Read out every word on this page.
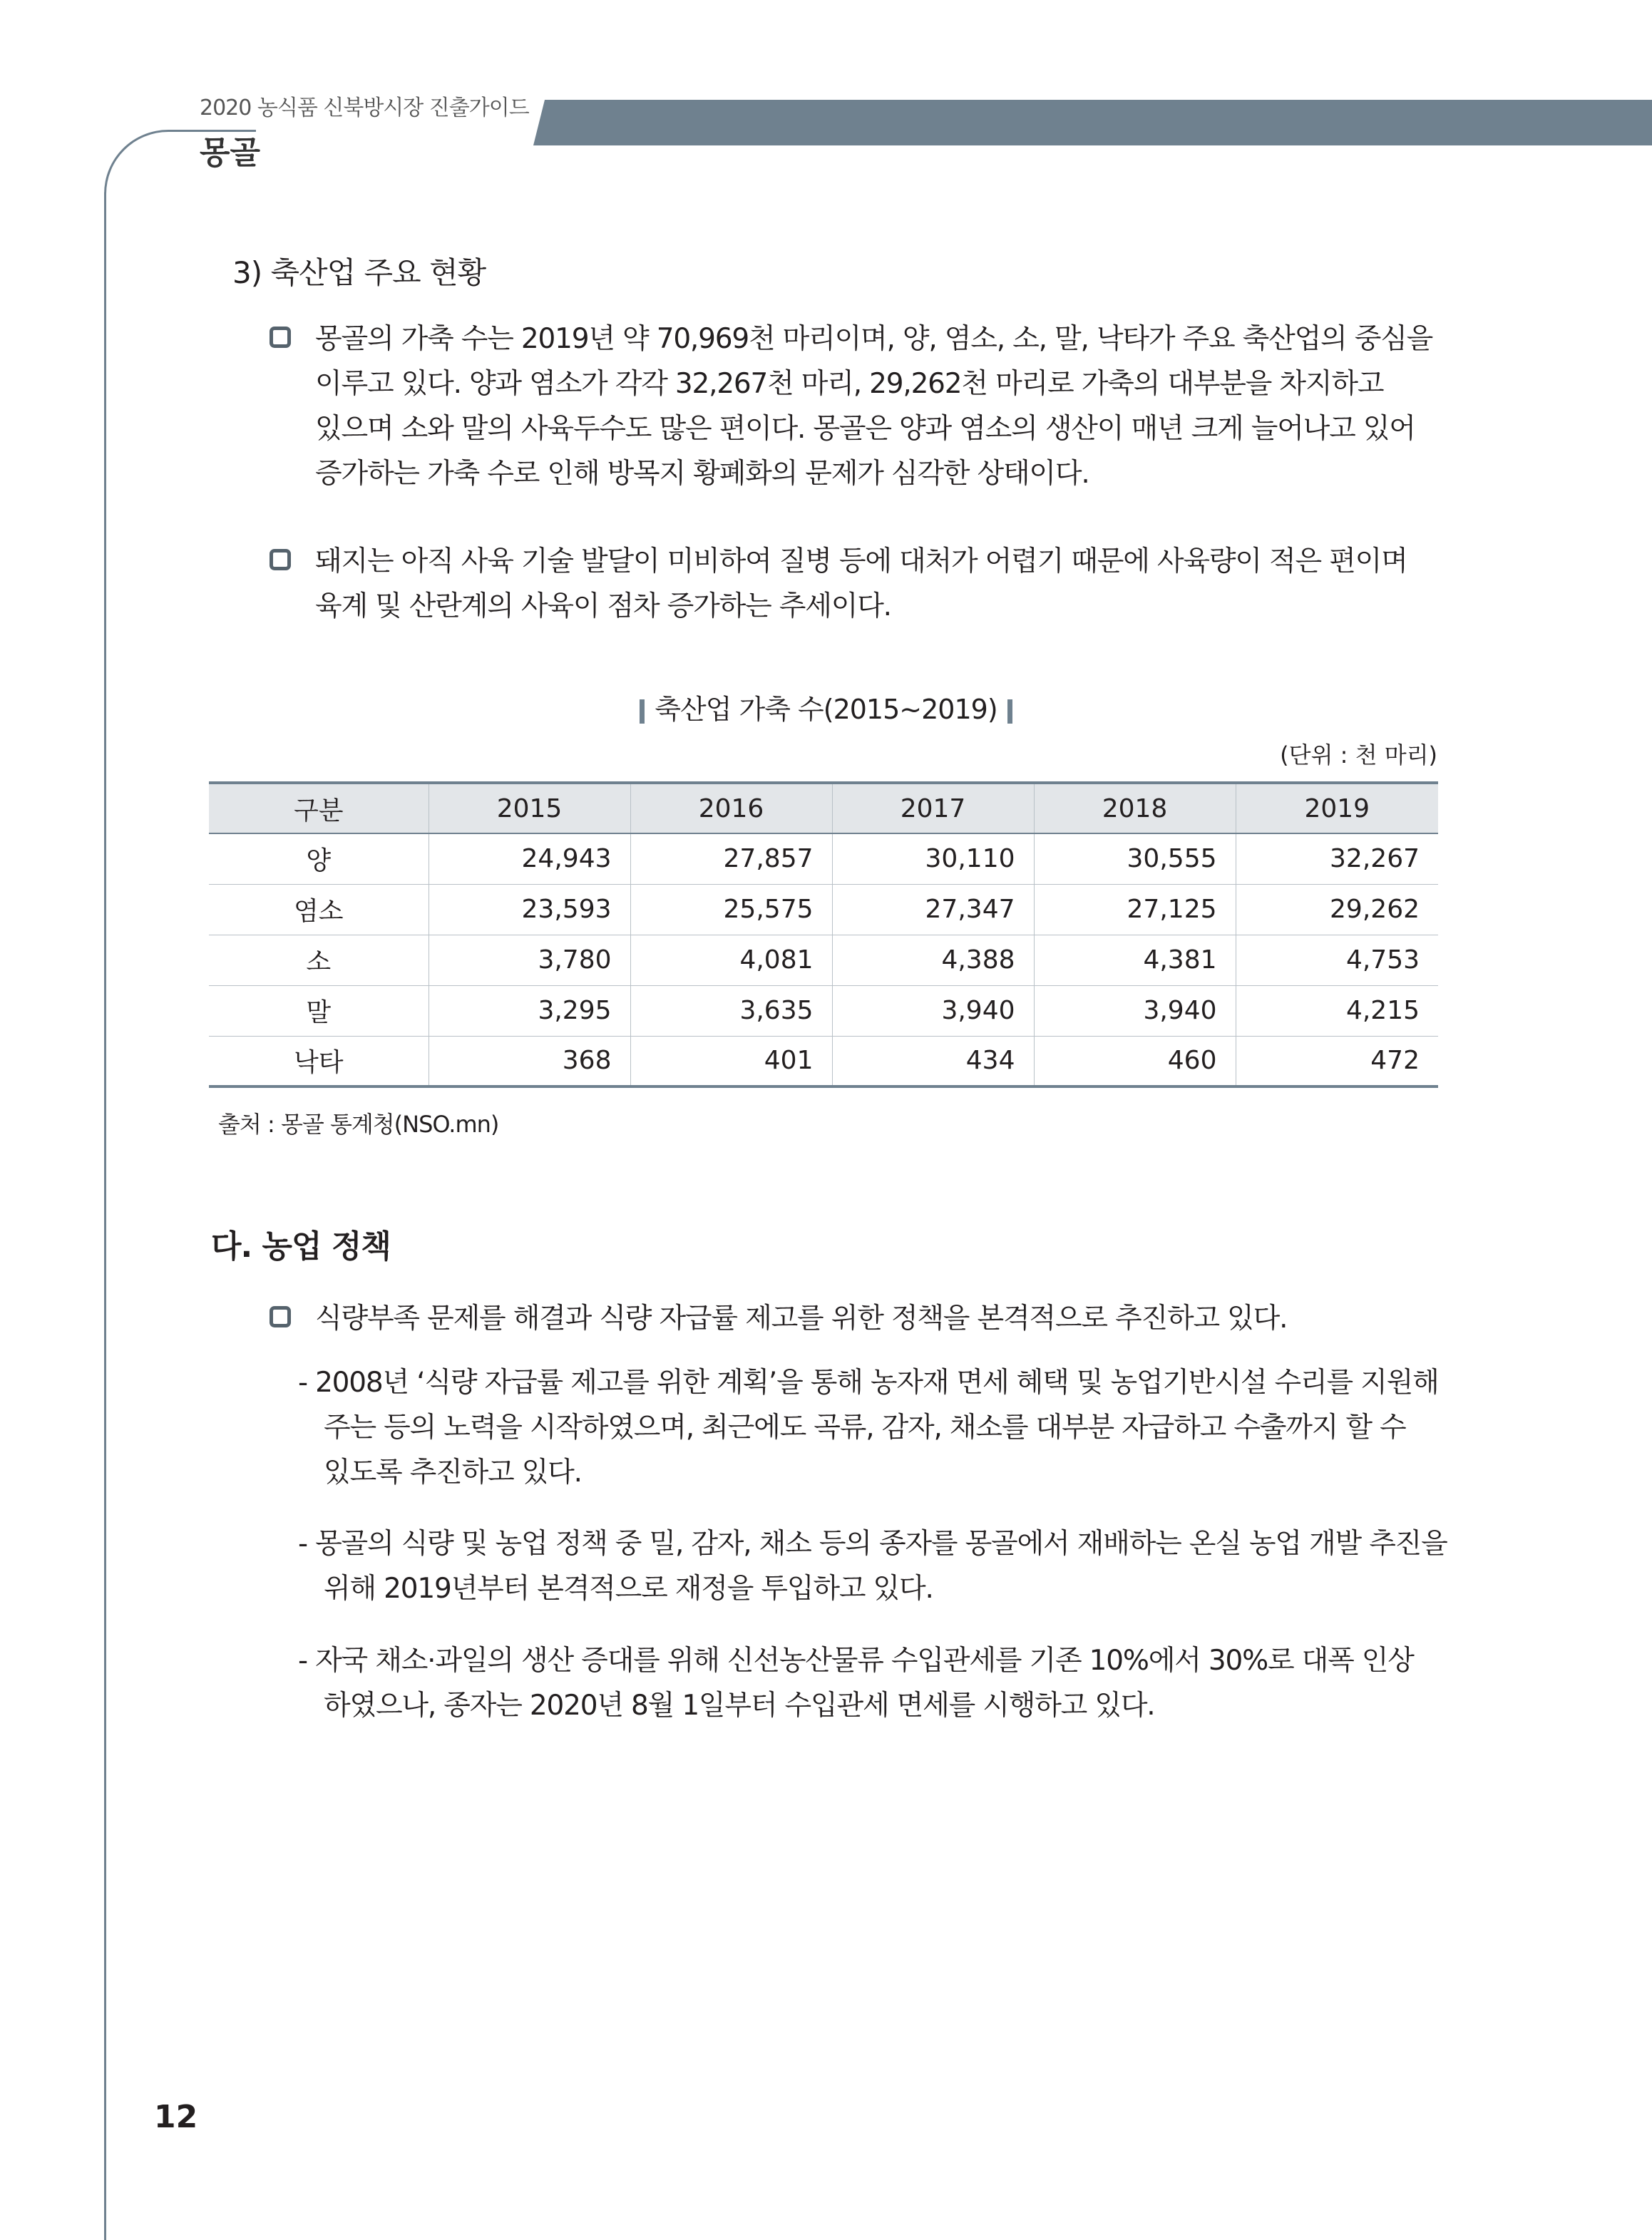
2020 농식품 신북방시장 진출가이드
몽골
3) 축산업 주요 현황
몽골의 가축 수는 2019년 약 70,969천 마리이며, 양, 염소, 소, 말, 낙타가 주요 축산업의 중심을
이루고 있다. 양과 염소가 각각 32,267천 마리, 29,262천 마리로 가축의 대부분을 차지하고
있으며 소와 말의 사육두수도 많은 편이다. 몽골은 양과 염소의 생산이 매년 크게 늘어나고 있어
증가하는 가축 수로 인해 방목지 황폐화의 문제가 심각한 상태이다.
돼지는 아직 사육 기술 발달이 미비하여 질병 등에 대처가 어렵기 때문에 사육량이 적은 편이며
육계 및 산란계의 사육이 점차 증가하는 추세이다.
축산업 가축 수(2015~2019)
(단위 : 천 마리)
구분	2015	2016	2017	2018	2019
양	24,943	27,857	30,110	30,555	32,267
염소	23,593	25,575	27,347	27,125	29,262
소	3,780	4,081	4,388	4,381	4,753
말	3,295	3,635	3,940	3,940	4,215
낙타	368	401	434	460	472
출처 : 몽골 통계청(NSO.mn)
다. 농업 정책
식량부족 문제를 해결과 식량 자급률 제고를 위한 정책을 본격적으로 추진하고 있다.
- 2008년 ‘식량 자급률 제고를 위한 계획’을 통해 농자재 면세 혜택 및 농업기반시설 수리를 지원해
주는 등의 노력을 시작하였으며, 최근에도 곡류, 감자, 채소를 대부분 자급하고 수출까지 할 수
있도록 추진하고 있다.
- 몽골의 식량 및 농업 정책 중 밀, 감자, 채소 등의 종자를 몽골에서 재배하는 온실 농업 개발 추진을
위해 2019년부터 본격적으로 재정을 투입하고 있다.
- 자국 채소·과일의 생산 증대를 위해 신선농산물류 수입관세를 기존 10%에서 30%로 대폭 인상
하였으나, 종자는 2020년 8월 1일부터 수입관세 면세를 시행하고 있다.
12
